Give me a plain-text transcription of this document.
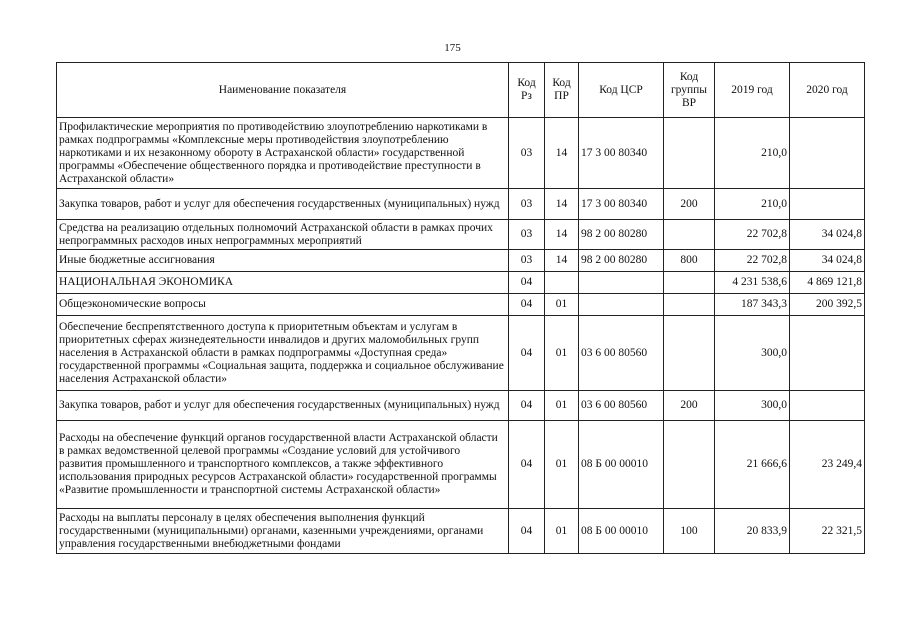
175
Наименование показателя	Код Рз	Код ПР	Код ЦСР	Код группы ВР	2019 год	2020 год
Профилактические мероприятия по противодействию злоупотреблению наркотиками в рамках подпрограммы «Комплексные меры противодействия злоупотреблению наркотиками и их незаконному обороту в Астраханской области» государственной программы «Обеспечение общественного порядка и противодействие преступности в Астраханской области»	03	14	17 3 00 80340		210,0	
Закупка товаров, работ и услуг для обеспечения государственных (муниципальных) нужд	03	14	17 3 00 80340	200	210,0	
Средства на реализацию отдельных полномочий Астраханской области в рамках прочих непрограммных расходов иных непрограммных мероприятий	03	14	98 2 00 80280		22 702,8	34 024,8
Иные бюджетные ассигнования	03	14	98 2 00 80280	800	22 702,8	34 024,8
НАЦИОНАЛЬНАЯ ЭКОНОМИКА	04				4 231 538,6	4 869 121,8
Общеэкономические вопросы	04	01			187 343,3	200 392,5
Обеспечение беспрепятственного доступа к приоритетным объектам и услугам в приоритетных сферах жизнедеятельности инвалидов и других маломобильных групп населения в Астраханской области в рамках подпрограммы «Доступная среда» государственной программы «Социальная защита, поддержка и социальное обслуживание населения Астраханской области»	04	01	03 6 00 80560		300,0	
Закупка товаров, работ и услуг для обеспечения государственных (муниципальных) нужд	04	01	03 6 00 80560	200	300,0	
Расходы на обеспечение функций органов государственной власти Астраханской области в рамках ведомственной целевой программы «Создание условий для устойчивого развития промышленного и транспортного комплексов, а также эффективного использования природных ресурсов Астраханской области» государственной программы «Развитие промышленности и транспортной системы Астраханской области»	04	01	08 Б 00 00010		21 666,6	23 249,4
Расходы на выплаты персоналу в целях обеспечения выполнения функций государственными (муниципальными) органами, казенными учреждениями, органами управления государственными внебюджетными фондами	04	01	08 Б 00 00010	100	20 833,9	22 321,5
